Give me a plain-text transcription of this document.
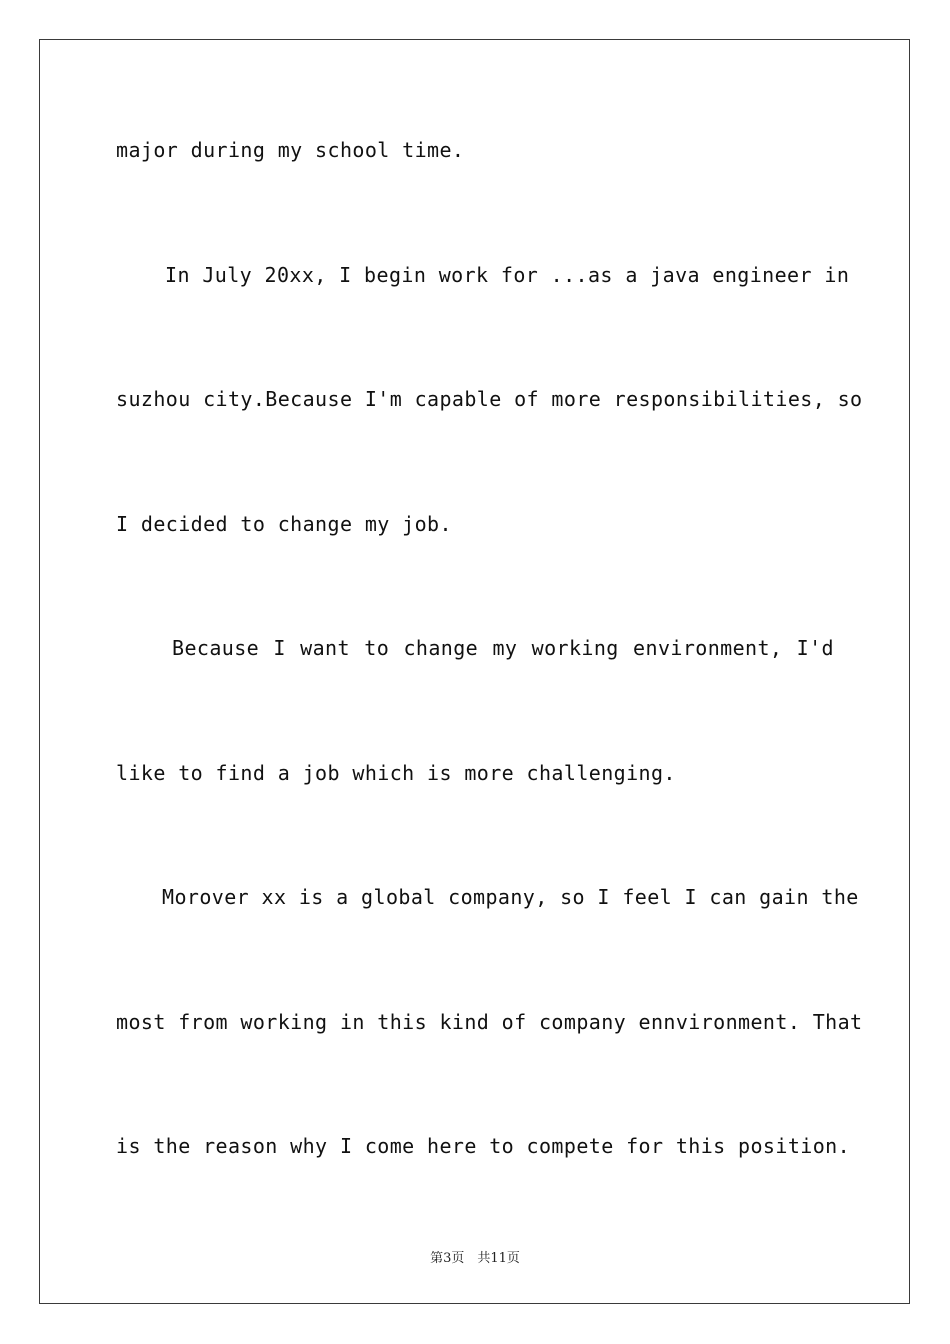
major during my school time.
In July 20xx, I begin work for ...as a java engineer in
suzhou city.Because I'm capable of more responsibilities, so
I decided to change my job.
Because I want to change my working environment, I'd
like to find a job which is more challenging.
Morover xx is a global company, so I feel I can gain the
most from working in this kind of company ennvironment. That
is the reason why I come here to compete for this position.
第3页　共11页
